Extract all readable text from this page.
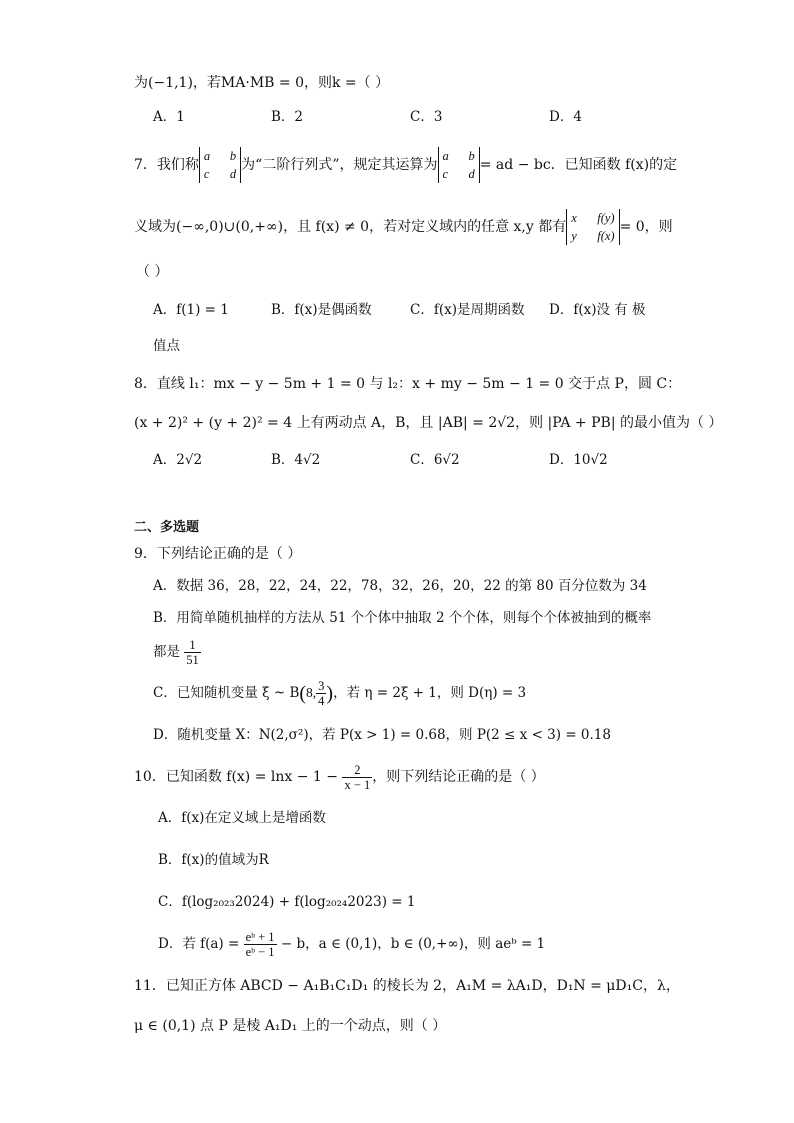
为(−1,1)，若MA·MB = 0，则k =（ ）
A．1	B．2	C．3	D．4
7．我们称
a b
c d
为“二阶行列式”，规定其运算为
a b
c d
= ad − bc．已知函数 f(x)的定
义域为(−∞,0)∪(0,+∞)，且 f(x) ≠ 0，若对定义域内的任意 x,y 都有
x f(y)
y f(x)
= 0，则
（ ）
A．f(1) = 1	B．f(x)是偶函数	C．f(x)是周期函数 D．f(x)没 有 极
值点
8．直线 l₁：mx − y − 5m + 1 = 0 与 l₂：x + my − 5m − 1 = 0 交于点 P，圆 C：
(x + 2)² + (y + 2)² = 4 上有两动点 A，B，且 |AB| = 2√2，则 |PA + PB| 的最小值为（ ）
A．2√2	B．4√2	C．6√2	D．10√2
二、多选题
9．下列结论正确的是（ ）
A．数据 36，28，22，24，22，78，32，26，20，22 的第 80 百分位数为 34
B．用简单随机抽样的方法从 51 个个体中抽取 2 个个体，则每个个体被抽到的概率
都是 $\frac{1}{51}$
C．已知随机变量 ξ ~ B(8, $\frac{3}{4}$ )，若 η = 2ξ + 1，则 D(η) = 3
D．随机变量 X：N(2,σ²)，若 P(x > 1) = 0.68，则 P(2 ≤ x < 3) = 0.18
10．已知函数 $f(x) = \ln x - 1 - \frac{2}{x - 1}$ ，则下列结论正确的是（ ）
A．f(x)在定义域上是增函数
B．f(x)的值域为R
C．f(log₂₀₂₃2024) + f(log₂₀₂₄2023) = 1
D．若 $f(a) = \frac{\text{eᵇ + 1}}{\text{eᵇ − 1}} - b$，a ∈ (0,1)，b ∈ (0,+∞)，则 aeᵇ = 1
11．已知正方体 ABCD − A₁B₁C₁D₁ 的棱长为 2，A₁M = λA₁D，D₁N = μD₁C，λ，
μ ∈ (0,1) 点 P 是棱 A₁D₁ 上的一个动点，则（ ）
